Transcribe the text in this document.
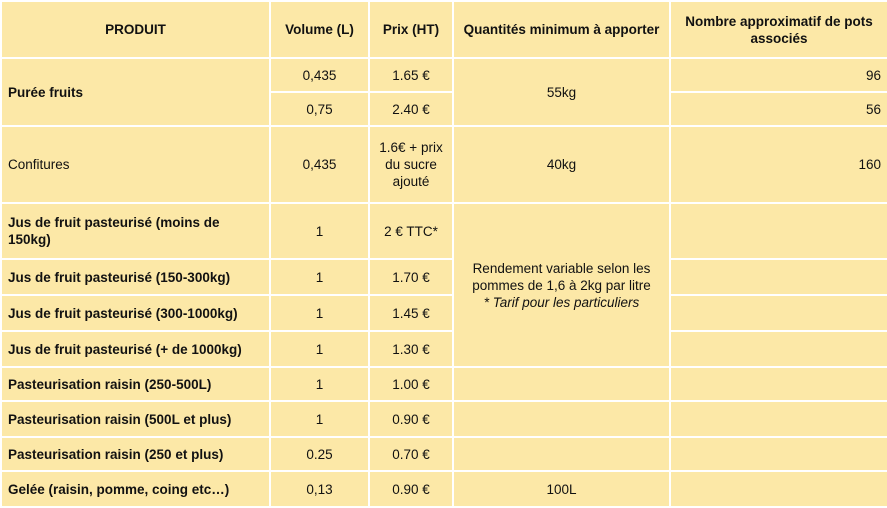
PRODUIT	Volume (L)	Prix (HT)	Quantités minimum à apporter	Nombre approximatif de pots associés
Purée fruits	0,435	1.65 €	55kg	96
	0,75	2.40 €		56
Confitures	0,435	1.6€ + prix du sucre ajouté	40kg	160
Jus de fruit pasteurisé (moins de 150kg)	1	2 € TTC*	Rendement variable selon les pommes de 1,6 à 2kg par litre
* Tarif pour les particuliers	

Jus de fruit pasteurisé (150-300kg)	1	1.70 €		
Jus de fruit pasteurisé (300-1000kg)	1	1.45 €		
Jus de fruit pasteurisé (+ de 1000kg)	1	1.30 €		
Pasteurisation raisin (250-500L)	1	1.00 €		
Pasteurisation raisin (500L et plus)	1	0.90 €		
Pasteurisation raisin (250 et plus)	0.25	0.70 €		
Gelée (raisin, pomme, coing etc…)	0,13	0.90 €	100L	
